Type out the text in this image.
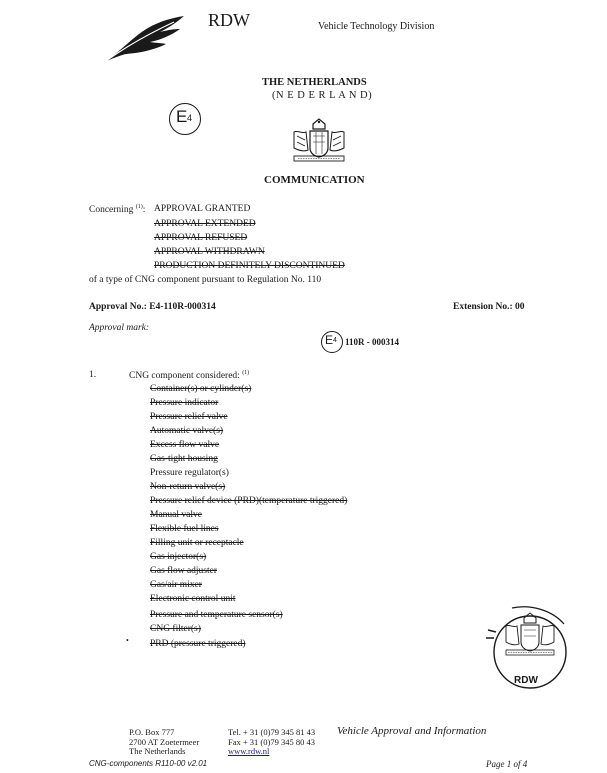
RDW	Vehicle Technology Division
THE NETHERLANDS
(N E D E R L A N D)
E 4
COMMUNICATION
Concerning $^{(1)}$: APPROVAL GRANTED
APPROVAL EXTENDED
APPROVAL REFUSED
APPROVAL WITHDRAWN
PRODUCTION DEFINITELY DISCONTINUED
of a type of CNG component pursuant to Regulation No. 110
Approval No.: E4-110R-000314	Extension No.: 00
Approval mark:
E 4 110R - 000314
1.	CNG component considered: $^{(1)}$
Container(s) or cylinder(s)
Pressure indicator
Pressure relief valve
Automatic valve(s)
Excess flow valve
Gas-tight housing
Pressure regulator(s)
Non-return valve(s)
Pressure relief device (PRD)(temperature triggered)
Manual valve
Flexible fuel lines
Filling unit or receptacle
Gas injector(s)
Gas flow adjuster
Gas/air mixer
Electronic control unit
Pressure and temperature sensor(s)
CNG filter(s)
PRD (pressure triggered)
•
RDW
P.O. Box 777
2700 AT Zoetermeer
The Netherlands
Tel. + 31 (0)79 345 81 43
Fax + 31 (0)79 345 80 43
www.rdw.nl
Vehicle Approval and Information
CNG-components R110-00 v2.01	Page 1 of 4
